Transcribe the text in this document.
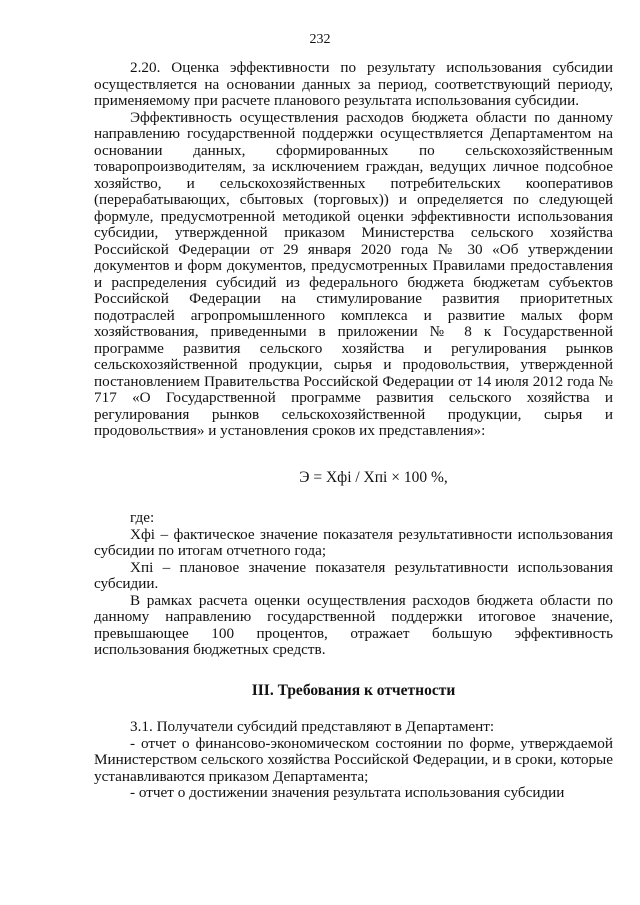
232

2.20. Оценка эффективности по результату использования субсидии осуществляется на основании данных за период, соответствующий периоду, применяемому при расчете планового результата использования субсидии.

Эффективность осуществления расходов бюджета области по данному направлению государственной поддержки осуществляется Департаментом на основании данных, сформированных по сельскохозяйственным товаропроизводителям, за исключением граждан, ведущих личное подсобное хозяйство, и сельскохозяйственных потребительских кооперативов (перерабатывающих, сбытовых (торговых)) и определяется по следующей формуле, предусмотренной методикой оценки эффективности использования субсидии, утвержденной приказом Министерства сельского хозяйства Российской Федерации от 29 января 2020 года № 30 «Об утверждении документов и форм документов, предусмотренных Правилами предоставления и распределения субсидий из федерального бюджета бюджетам субъектов Российской Федерации на стимулирование развития приоритетных подотраслей агропромышленного комплекса и развитие малых форм хозяйствования, приведенными в приложении № 8 к Государственной программе развития сельского хозяйства и регулирования рынков сельскохозяйственной продукции, сырья и продовольствия, утвержденной постановлением Правительства Российской Федерации от 14 июля 2012 года № 717 «О Государственной программе развития сельского хозяйства и регулирования рынков сельскохозяйственной продукции, сырья и продовольствия» и установления сроков их представления»:

Э = Хфi / Хпi × 100 %,

где:

Хфi – фактическое значение показателя результативности использования субсидии по итогам отчетного года;

Хпi – плановое значение показателя результативности использования субсидии.

В рамках расчета оценки осуществления расходов бюджета области по данному направлению государственной поддержки итоговое значение, превышающее 100 процентов, отражает большую эффективность использования бюджетных средств.

III. Требования к отчетности

3.1. Получатели субсидий представляют в Департамент:

- отчет о финансово-экономическом состоянии по форме, утверждаемой Министерством сельского хозяйства Российской Федерации, и в сроки, которые устанавливаются приказом Департамента;

- отчет о достижении значения результата использования субсидии
